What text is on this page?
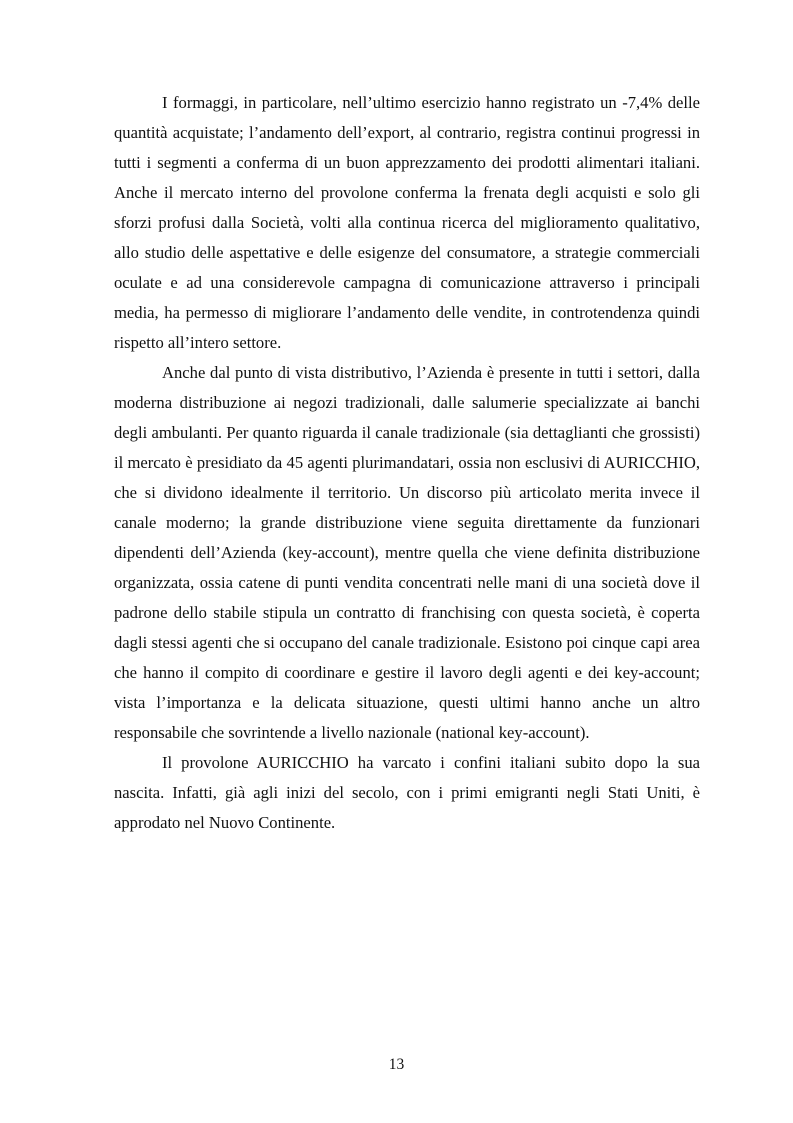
I formaggi, in particolare, nell’ultimo esercizio hanno registrato un -7,4% delle quantità acquistate; l’andamento dell’export, al contrario, registra continui progressi in tutti i segmenti a conferma di un buon apprezzamento dei prodotti alimentari italiani. Anche il mercato interno del provolone conferma la frenata degli acquisti e solo gli sforzi profusi dalla Società, volti alla continua ricerca del miglioramento qualitativo, allo studio delle aspettative e delle esigenze del consumatore, a strategie commerciali oculate e ad una considerevole campagna di comunicazione attraverso i principali media, ha permesso di migliorare l’andamento delle vendite, in controtendenza quindi rispetto all’intero settore.

Anche dal punto di vista distributivo, l’Azienda è presente in tutti i settori, dalla moderna distribuzione ai negozi tradizionali, dalle salumerie specializzate ai banchi degli ambulanti. Per quanto riguarda il canale tradizionale (sia dettaglianti che grossisti) il mercato è presidiato da 45 agenti plurimandatari, ossia non esclusivi di AURICCHIO, che si dividono idealmente il territorio. Un discorso più articolato merita invece il canale moderno; la grande distribuzione viene seguita direttamente da funzionari dipendenti dell’Azienda (key-account), mentre quella che viene definita distribuzione organizzata, ossia catene di punti vendita concentrati nelle mani di una società dove il padrone dello stabile stipula un contratto di franchising con questa società, è coperta dagli stessi agenti che si occupano del canale tradizionale. Esistono poi cinque capi area che hanno il compito di coordinare e gestire il lavoro degli agenti e dei key-account; vista l’importanza e la delicata situazione, questi ultimi hanno anche un altro responsabile che sovrintende a livello nazionale (national key-account).

Il provolone AURICCHIO ha varcato i confini italiani subito dopo la sua nascita. Infatti, già agli inizi del secolo, con i primi emigranti negli Stati Uniti, è approdato nel Nuovo Continente.

13
